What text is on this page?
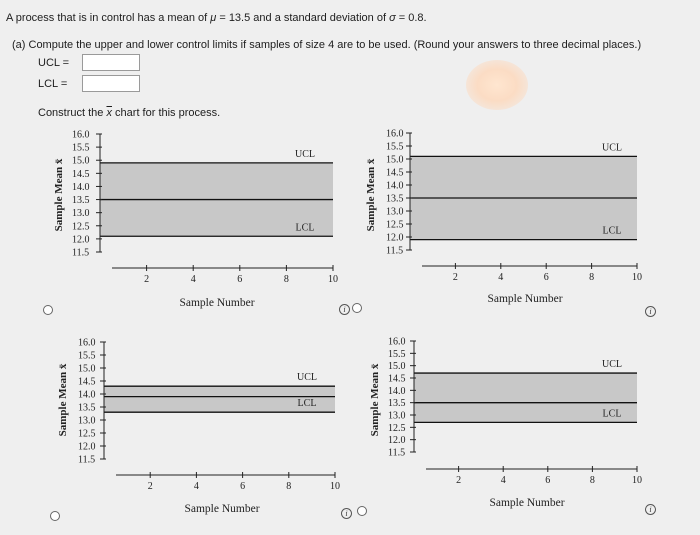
A process that is in control has a mean of μ = 13.5 and a standard deviation of σ = 0.8.
(a) Compute the upper and lower control limits if samples of size 4 are to be used. (Round your answers to three decimal places.)
UCL =
LCL =
Construct the $\overline{x}$ chart for this process.
UCL
LCL
16.0
15.5
15.0
14.5
14.0
13.5
13.0
12.5
12.0
11.5
2	4	6	8	10
Sample Number
Sample Mean x̄
UCL
LCL
16.0
15.5
15.0
14.5
14.0
13.5
13.0
12.5
12.0
11.5
2	4	6	8	10
Sample Number
Sample Mean x̄
UCL
LCL
16.0
15.5
15.0
14.5
14.0
13.5
13.0
12.5
12.0
11.5
2	4	6	8	10
Sample Number
Sample Mean x̄	UCL
LCL
16.0
15.5
15.0
14.5
14.0
13.5
13.0
12.5
12.0
11.5
2	4	6	8	10
Sample Number
Sample Mean x̄
i	i
i	i
